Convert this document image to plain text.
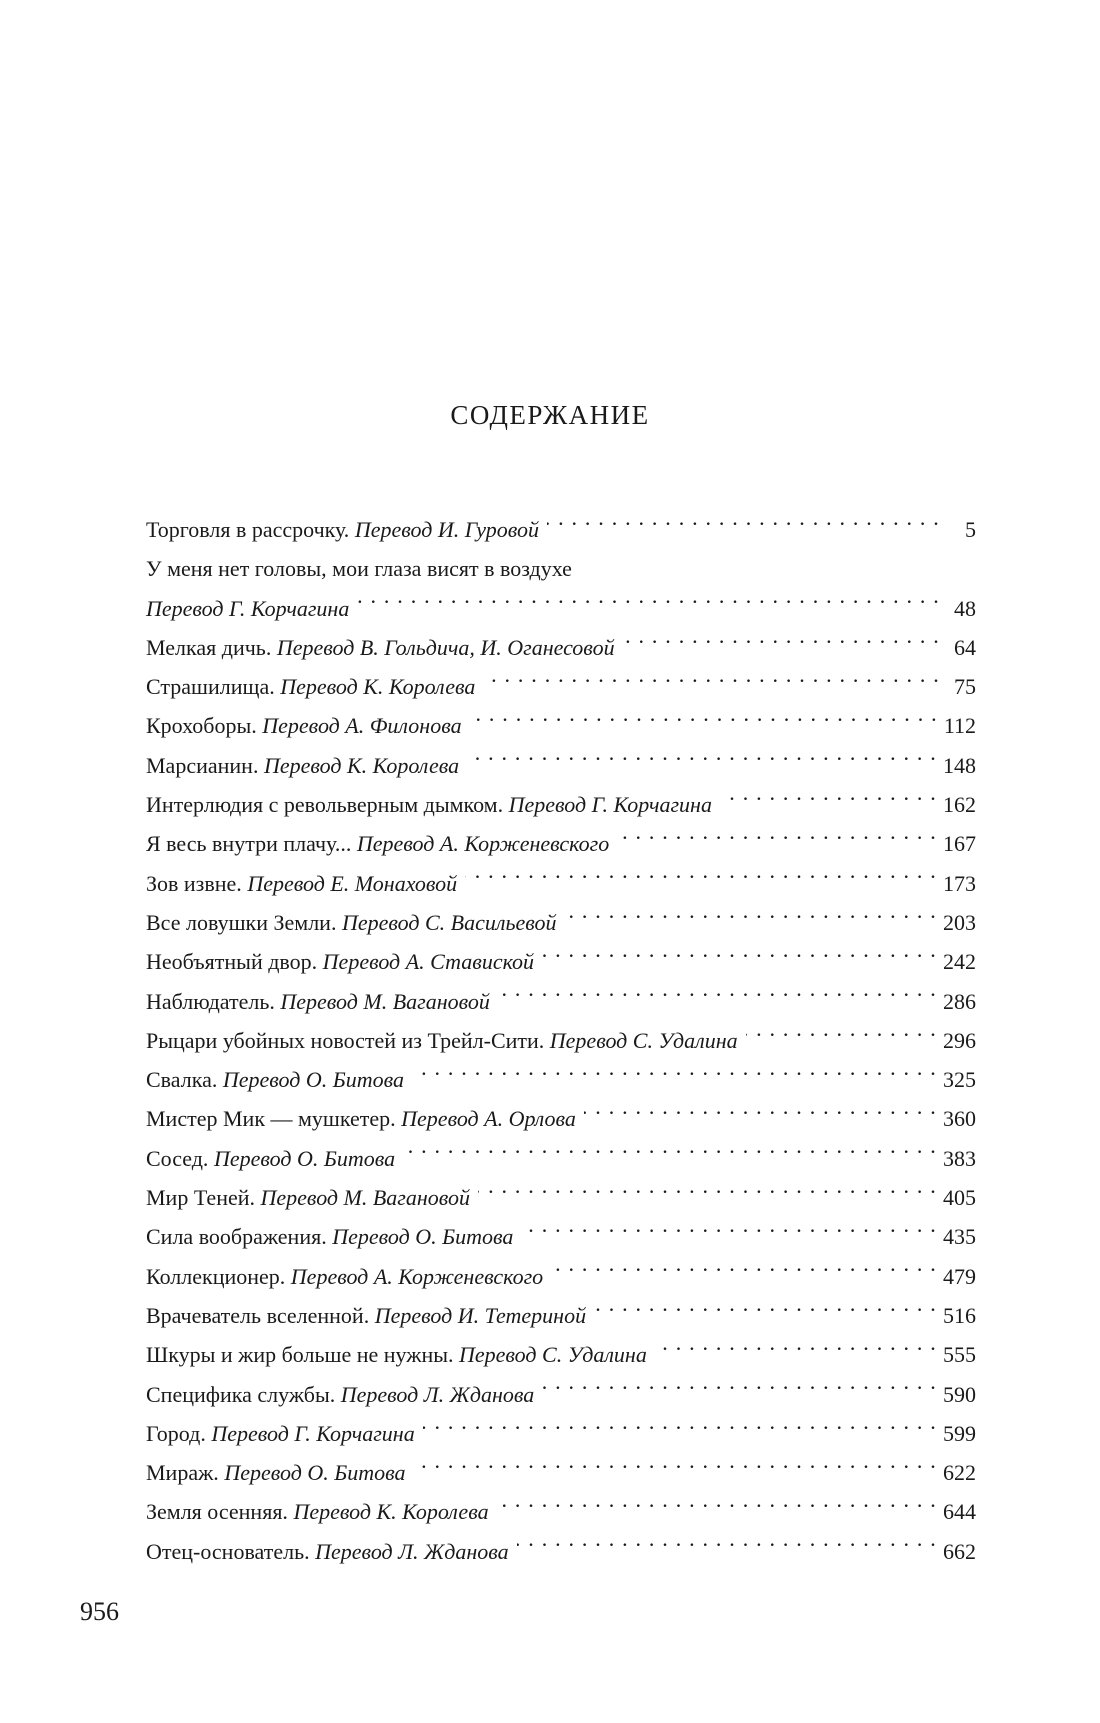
СОДЕРЖАНИЕ
Торговля в рассрочку.
Перевод И. Гуровой . . .	5
У меня нет головы, мои глаза висят в воздухе
Перевод Г. Корчагина . . .	48
Мелкая дичь.
Перевод В. Гольдича, И. Оганесовой . . .	64
Страшилища.
Перевод К. Королева . . .	75
Крохоборы.
Перевод А. Филонова . . .	112
Марсианин.
Перевод К. Королева . . .	148
Интерлюдия с револьверным дымком.
Перевод Г. Корчагина . . .	162
Я весь внутри плачу...
Перевод А. Корженевского . . .	167
Зов извне.
Перевод Е. Монаховой . . .	173
Все ловушки Земли.
Перевод С. Васильевой . . .	203
Необъятный двор.
Перевод А. Ставиской . . .	242
Наблюдатель.
Перевод М. Вагановой . . .	286
Рыцари убойных новостей из Трейл-Сити.
Перевод С. Удалина . . .	296
Свалка.
Перевод О. Битова . . .	325
Мистер Мик — мушкетер.
Перевод А. Орлова . . .	360
Сосед.
Перевод О. Битова . . .	383
Мир Теней.
Перевод М. Вагановой . . .	405
Сила воображения.
Перевод О. Битова . . .	435
Коллекционер.
Перевод А. Корженевского . . .	479
Врачеватель вселенной.
Перевод И. Тетериной . . .	516
Шкуры и жир больше не нужны.
Перевод С. Удалина . . .	555
Специфика службы.
Перевод Л. Жданова . . .	590
Город.
Перевод Г. Корчагина . . .	599
Мираж.
Перевод О. Битова . . .	622
Земля осенняя.
Перевод К. Королева . . .	644
Отец-основатель.
Перевод Л. Жданова . . .	662
956
